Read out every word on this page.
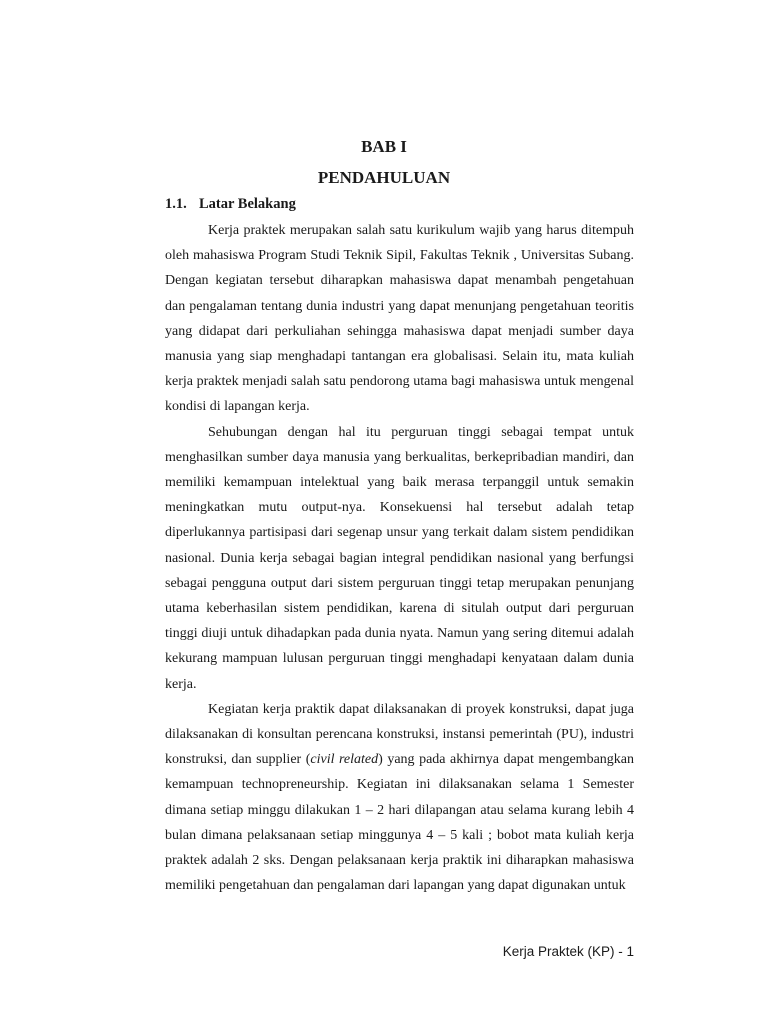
BAB I
PENDAHULUAN
1.1. Latar Belakang

Kerja praktek merupakan salah satu kurikulum wajib yang harus ditempuh oleh mahasiswa Program Studi Teknik Sipil, Fakultas Teknik , Universitas Subang. Dengan kegiatan tersebut diharapkan mahasiswa dapat menambah pengetahuan dan pengalaman tentang dunia industri yang dapat menunjang pengetahuan teoritis yang didapat dari perkuliahan sehingga mahasiswa dapat menjadi sumber daya manusia yang siap menghadapi tantangan era globalisasi. Selain itu, mata kuliah kerja praktek menjadi salah satu pendorong utama bagi mahasiswa untuk mengenal kondisi di lapangan kerja.

Sehubungan dengan hal itu perguruan tinggi sebagai tempat untuk menghasilkan sumber daya manusia yang berkualitas, berkepribadian mandiri, dan memiliki kemampuan intelektual yang baik merasa terpanggil untuk semakin meningkatkan mutu output-nya. Konsekuensi hal tersebut adalah tetap diperlukannya partisipasi dari segenap unsur yang terkait dalam sistem pendidikan nasional. Dunia kerja sebagai bagian integral pendidikan nasional yang berfungsi sebagai pengguna output dari sistem perguruan tinggi tetap merupakan penunjang utama keberhasilan sistem pendidikan, karena di situlah output dari perguruan tinggi diuji untuk dihadapkan pada dunia nyata. Namun yang sering ditemui adalah kekurang mampuan lulusan perguruan tinggi menghadapi kenyataan dalam dunia kerja.

Kegiatan kerja praktik dapat dilaksanakan di proyek konstruksi, dapat juga dilaksanakan di konsultan perencana konstruksi, instansi pemerintah (PU), industri konstruksi, dan supplier (civil related) yang pada akhirnya dapat mengembangkan kemampuan technopreneurship. Kegiatan ini dilaksanakan selama 1 Semester dimana setiap minggu dilakukan 1 – 2 hari dilapangan atau selama kurang lebih 4 bulan dimana pelaksanaan setiap minggunya 4 – 5 kali ; bobot mata kuliah kerja praktek adalah 2 sks. Dengan pelaksanaan kerja praktik ini diharapkan mahasiswa memiliki pengetahuan dan pengalaman dari lapangan yang dapat digunakan untuk

Kerja Praktek (KP) - 1
